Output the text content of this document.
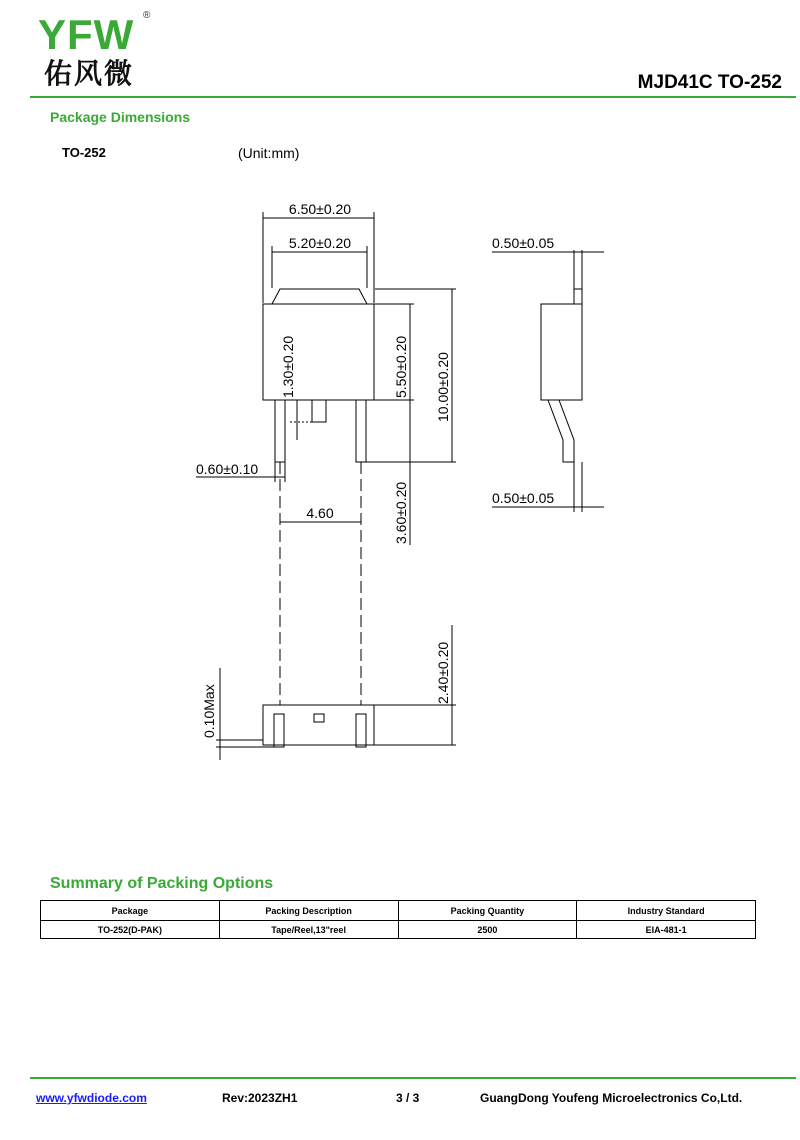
YFW ®
佑风微	MJD41C TO-252
Package Dimensions
TO-252	(Unit:mm)
6.50±0.20
5.20±0.20	0.50±0.05
1.30±0.20	5.50±0.20 10.00±0.20
0.60±0.10
0.50±0.05
4.60	3.60±0.20
2.40±0.20
0.10Max
Summary of Packing Options
Package	Packing Description	Packing Quantity	Industry Standard
TO-252(D-PAK)	Tape/Reel,13"reel	2500	EIA-481-1
www.yfwdiode.com	Rev:2023ZH1	3 / 3	GuangDong Youfeng Microelectronics Co,Ltd.
